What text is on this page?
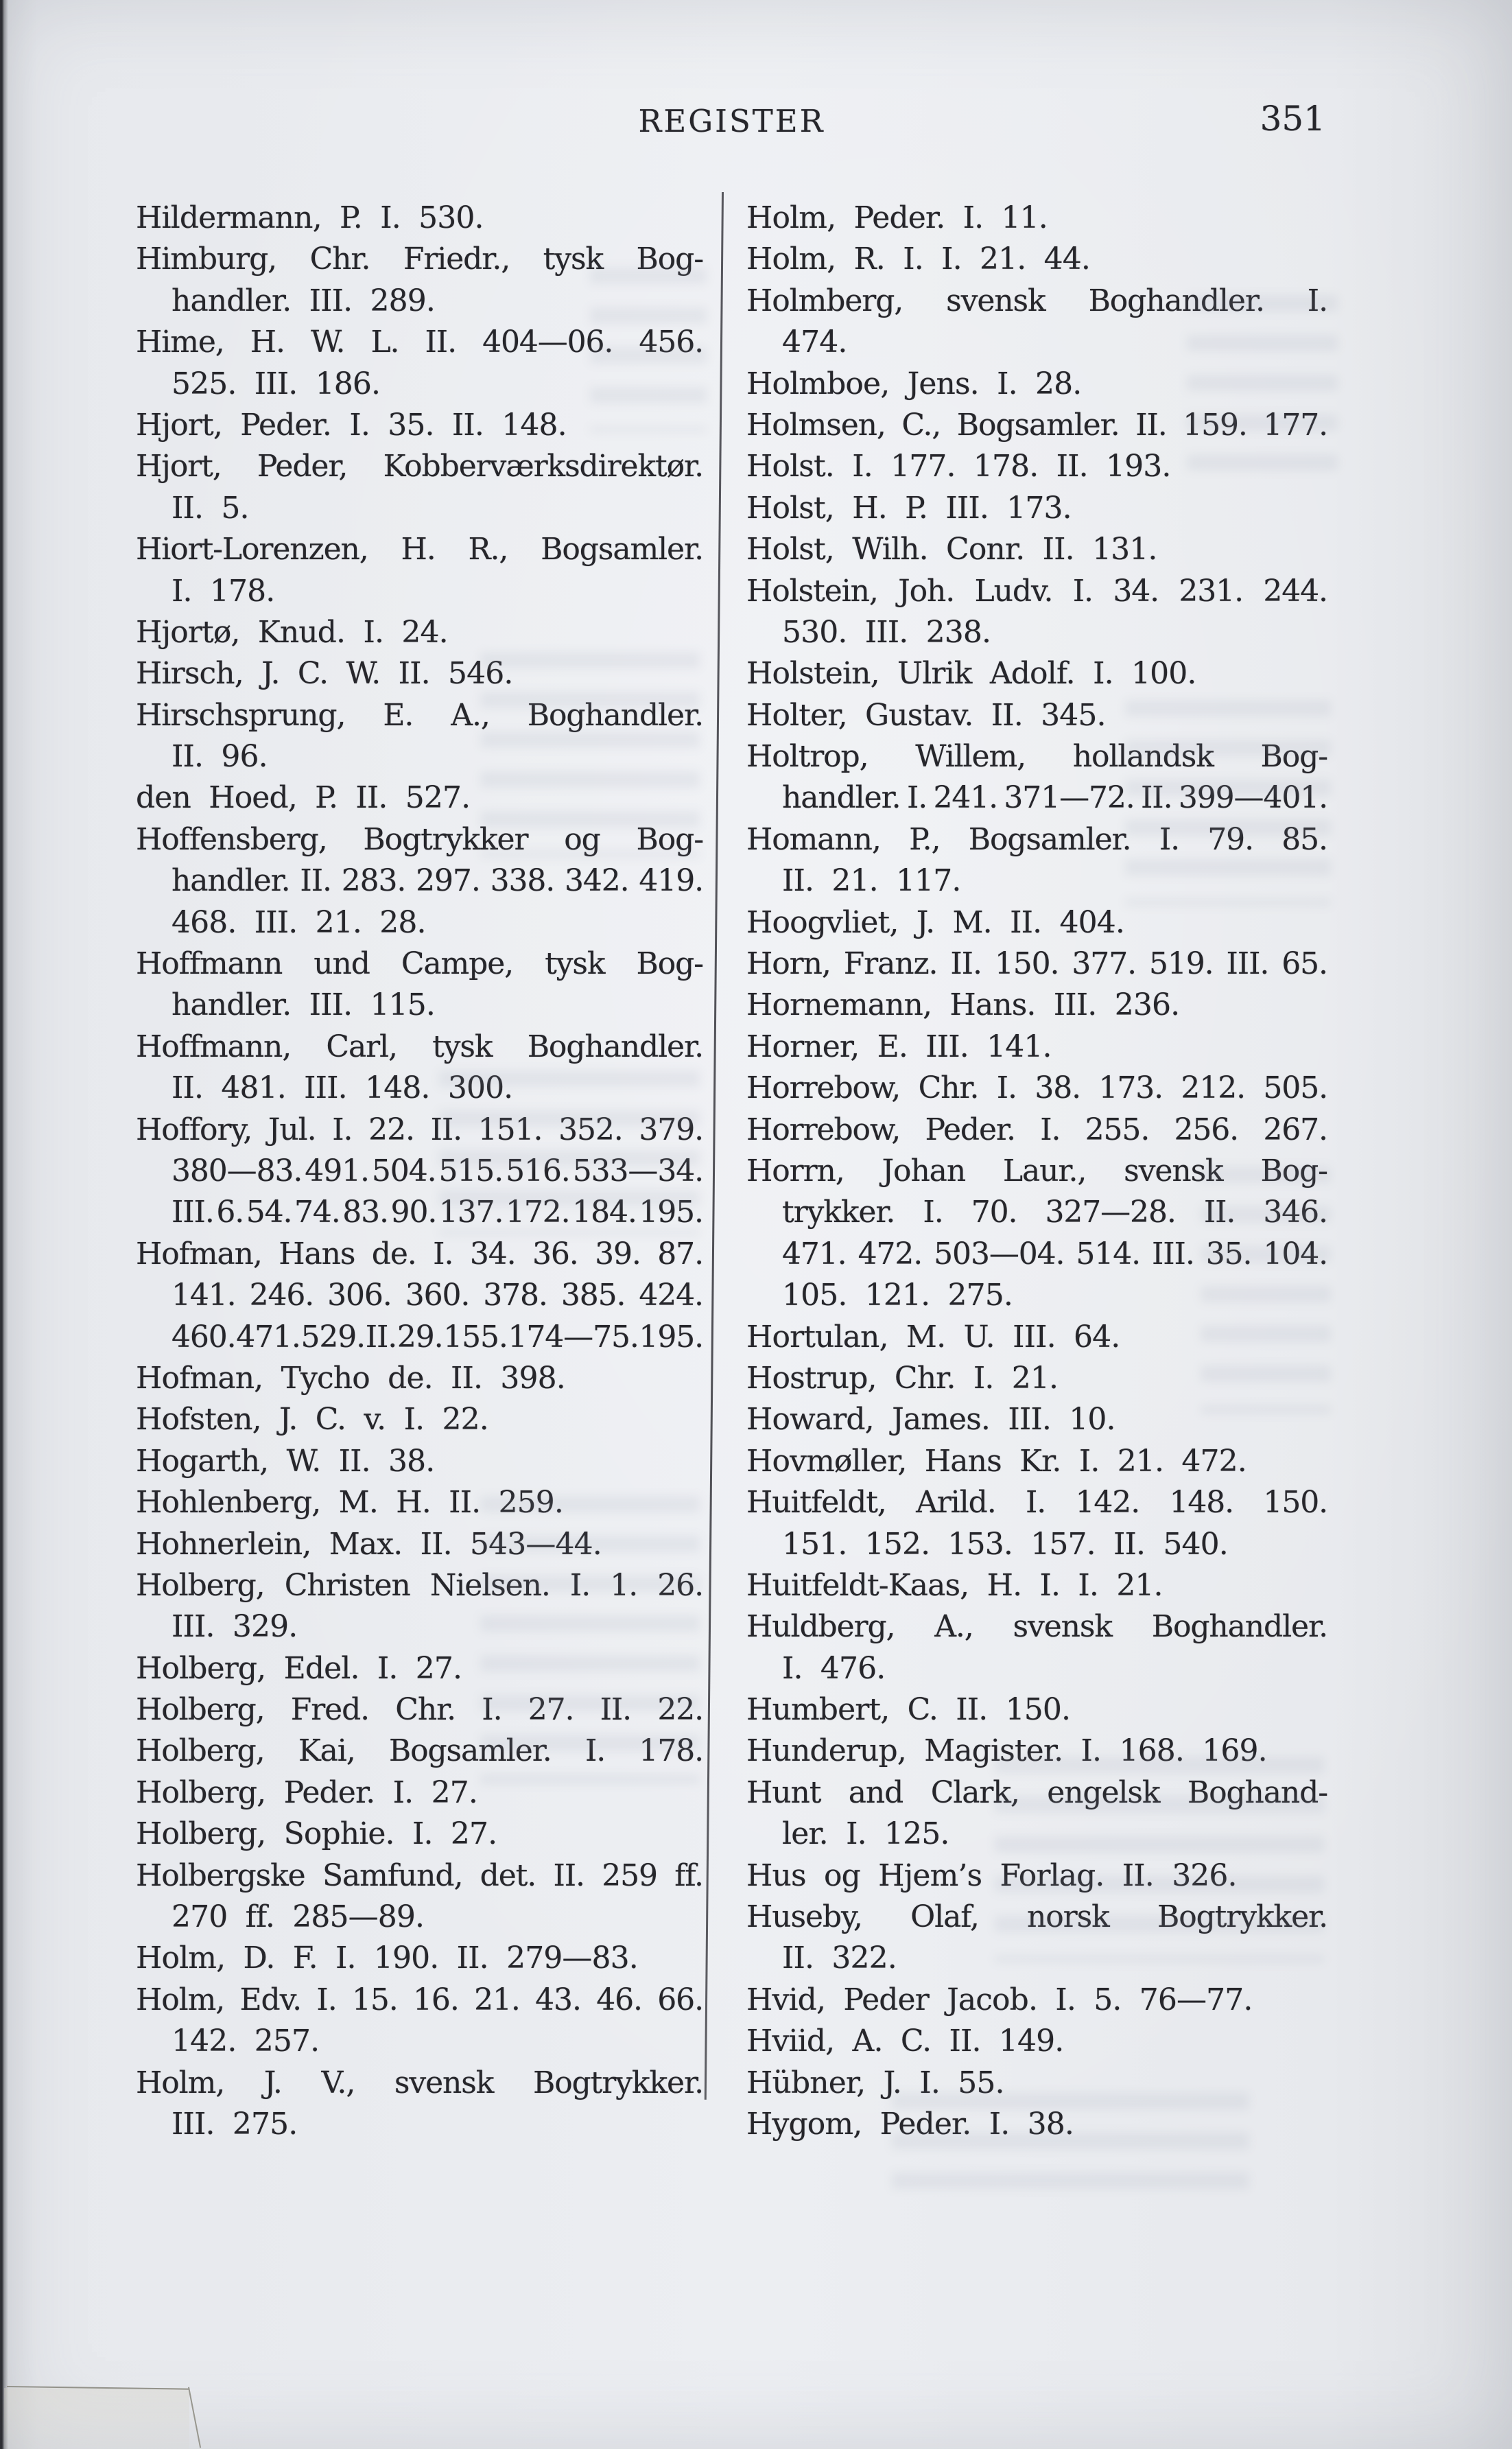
REGISTER	351
Hildermann, P. I. 530.
Himburg, Chr. Friedr., tysk Bog-
handler. III. 289.
Hime, H. W. L. II. 404—06. 456.
525. III. 186.
Hjort, Peder. I. 35. II. 148.
Hjort, Peder, Kobberværksdirektør.
II. 5.
Hiort-Lorenzen, H. R., Bogsamler.
I. 178.
Hjortø, Knud. I. 24.
Hirsch, J. C. W. II. 546.
Hirschsprung, E. A., Boghandler.
II. 96.
den Hoed, P. II. 527.
Hoffensberg, Bogtrykker og Bog-
handler. II. 283. 297. 338. 342. 419.
468. III. 21. 28.
Hoffmann und Campe, tysk Bog-
handler. III. 115.
Hoffmann, Carl, tysk Boghandler.
II. 481. III. 148. 300.
Hoffory, Jul. I. 22. II. 151. 352. 379.
380—83. 491. 504. 515. 516. 533—34.
III. 6. 54. 74. 83. 90. 137. 172. 184. 195.
Hofman, Hans de. I. 34. 36. 39. 87.
141. 246. 306. 360. 378. 385. 424.
460. 471. 529. II. 29. 155. 174—75. 195.
Hofman, Tycho de. II. 398.
Hofsten, J. C. v. I. 22.
Hogarth, W. II. 38.
Hohlenberg, M. H. II. 259.
Hohnerlein, Max. II. 543—44.
Holberg, Christen Nielsen. I. 1. 26.
III. 329.
Holberg, Edel. I. 27.
Holberg, Fred. Chr. I. 27. II. 22.
Holberg, Kai, Bogsamler. I. 178.
Holberg, Peder. I. 27.
Holberg, Sophie. I. 27.
Holbergske Samfund, det. II. 259 ff.
270 ff. 285—89.
Holm, D. F. I. 190. II. 279—83.
Holm, Edv. I. 15. 16. 21. 43. 46. 66.
142. 257.
Holm, J. V., svensk Bogtrykker.
III. 275.
Holm, Peder. I. 11.
Holm, R. I. I. 21. 44.
Holmberg, svensk Boghandler. I.
474.
Holmboe, Jens. I. 28.
Holmsen, C., Bogsamler. II. 159. 177.
Holst. I. 177. 178. II. 193.
Holst, H. P. III. 173.
Holst, Wilh. Conr. II. 131.
Holstein, Joh. Ludv. I. 34. 231. 244.
530. III. 238.
Holstein, Ulrik Adolf. I. 100.
Holter, Gustav. II. 345.
Holtrop, Willem, hollandsk Bog-
handler. I. 241. 371—72. II. 399—401.
Homann, P., Bogsamler. I. 79. 85.
II. 21. 117.
Hoogvliet, J. M. II. 404.
Horn, Franz. II. 150. 377. 519. III. 65.
Hornemann, Hans. III. 236.
Horner, E. III. 141.
Horrebow, Chr. I. 38. 173. 212. 505.
Horrebow, Peder. I. 255. 256. 267.
Horrn, Johan Laur., svensk Bog-
trykker. I. 70. 327—28. II. 346.
471. 472. 503—04. 514. III. 35. 104.
105. 121. 275.
Hortulan, M. U. III. 64.
Hostrup, Chr. I. 21.
Howard, James. III. 10.
Hovmøller, Hans Kr. I. 21. 472.
Huitfeldt, Arild. I. 142. 148. 150.
151. 152. 153. 157. II. 540.
Huitfeldt-Kaas, H. I. I. 21.
Huldberg, A., svensk Boghandler.
I. 476.
Humbert, C. II. 150.
Hunderup, Magister. I. 168. 169.
Hunt and Clark, engelsk Boghand-
ler. I. 125.
Hus og Hjem’s Forlag. II. 326.
Huseby, Olaf, norsk Bogtrykker.
II. 322.
Hvid, Peder Jacob. I. 5. 76—77.
Hviid, A. C. II. 149.
Hübner, J. I. 55.
Hygom, Peder. I. 38.
